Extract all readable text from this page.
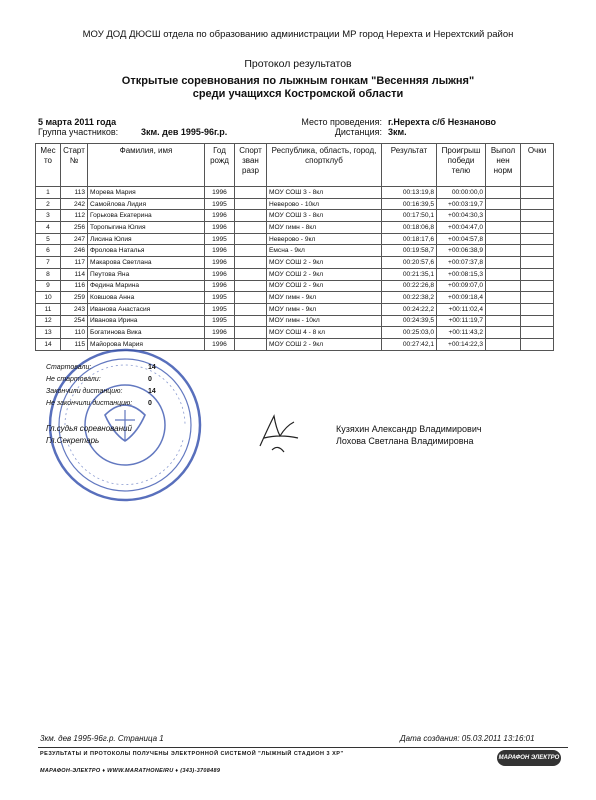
МОУ ДОД ДЮСШ отдела по образованию администрации МР город Нерехта и Нерехтский район
Протокол результатов
Открытые соревнования по лыжным гонкам "Весенняя лыжня"
среди учащихся Костромской области
5 марта 2011 года
Группа участников:	3км. дев 1995-96г.р.
Место проведения: г.Нерехта с/б Незнаново
Дистанция: 3км.
Мес то	Старт №	Фамилия, имя	Год рожд	Спорт зван разр	Республика, область, город, спортклуб	Результат	Проигрыш победи телю	Выпол нен норм	Очки
1	113	Морева Мария	1996		МОУ СОШ 3 - 8кл	00:13:19,8	00:00:00,0		
2	242	Самойлова Лидия	1995		Неверово - 10кл	00:16:39,5	+00:03:19,7		
3	112	Горькова Екатерина	1996		МОУ СОШ 3 - 8кл	00:17:50,1	+00:04:30,3		
4	256	Торопыгина Юлия	1996		МОУ гимн - 8кл	00:18:06,8	+00:04:47,0		
5	247	Лисина Юлия	1995		Неверово - 9кл	00:18:17,6	+00:04:57,8		
6	246	Фролова Наталья	1996		Емсна - 9кл	00:19:58,7	+00:06:38,9		
7	117	Макарова Светлана	1996		МОУ СОШ 2 - 9кл	00:20:57,6	+00:07:37,8		
8	114	Пеутова Яна	1996		МОУ СОШ 2 - 9кл	00:21:35,1	+00:08:15,3		
9	116	Федина Марина	1996		МОУ СОШ 2 - 9кл	00:22:26,8	+00:09:07,0		
10	259	Ковшова Анна	1995		МОУ гимн - 9кл	00:22:38,2	+00:09:18,4		
11	243	Иванова Анастасия	1995		МОУ гимн - 9кл	00:24:22,2	+00:11:02,4		
12	254	Иванова Ирина	1995		МОУ гимн - 10кл	00:24:39,5	+00:11:19,7		
13	110	Богатинова Вика	1996		МОУ СОШ 4 - 8 кл	00:25:03,0	+00:11:43,2		
14	115	Майорова Мария	1996		МОУ СОШ 2 - 9кл	00:27:42,1	+00:14:22,3		
Стартовали:	14
Не стартовали:	0
Закончили дистанцию:	14
Не закончили дистанцию: 0
Гл.судья соревнований
Гл.Секретарь
Кузяхин Александр Владимирович
Лохова Светлана Владимировна
3км. дев 1995-96г.р. Страница 1	Дата создания: 05.03.2011 13:16:01
РЕЗУЛЬТАТЫ И ПРОТОКОЛЫ ПОЛУЧЕНЫ ЭЛЕКТРОННОЙ СИСТЕМОЙ "ЛЫЖНЫЙ СТАДИОН 3 XP"
МАРАФОН-ЭЛЕКТРО ♦ WWW.MARATHONEIRU ♦ (343)-3708489
МАРАФОН ЭЛЕКТРО
